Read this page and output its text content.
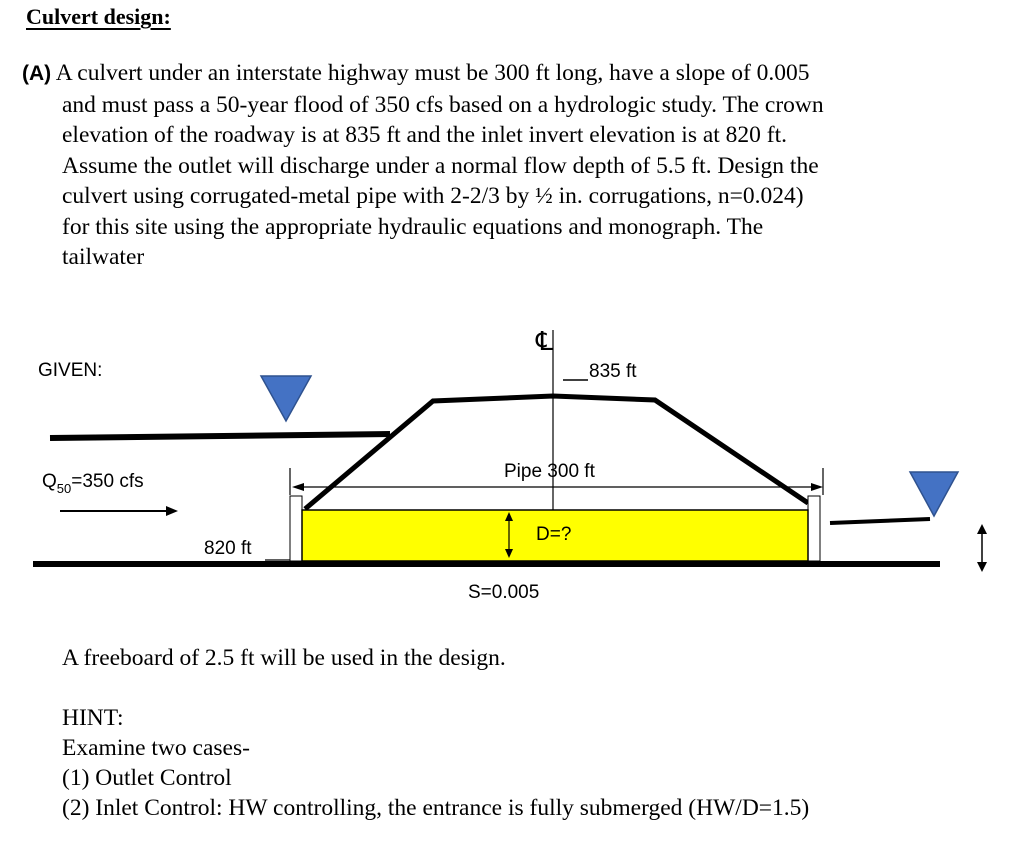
Culvert design:
(A) A culvert under an interstate highway must be 300 ft long, have a slope of 0.005
and must pass a 50-year flood of 350 cfs based on a hydrologic study. The crown
elevation of the roadway is at 835 ft and the inlet invert elevation is at 820 ft.
Assume the outlet will discharge under a normal flow depth of 5.5 ft. Design the
culvert using corrugated-metal pipe with 2-2/3 by ½ in. corrugations, n=0.024)
for this site using the appropriate hydraulic equations and monograph. The
tailwater
GIVEN:
℄
835 ft
$Q_{50}=350$ cfs	Pipe 300 ft
D=?
820 ft
S=0.005
A freeboard of 2.5 ft will be used in the design.
HINT:
Examine two cases-
(1) Outlet Control
(2) Inlet Control: HW controlling, the entrance is fully submerged (HW/D=1.5)
